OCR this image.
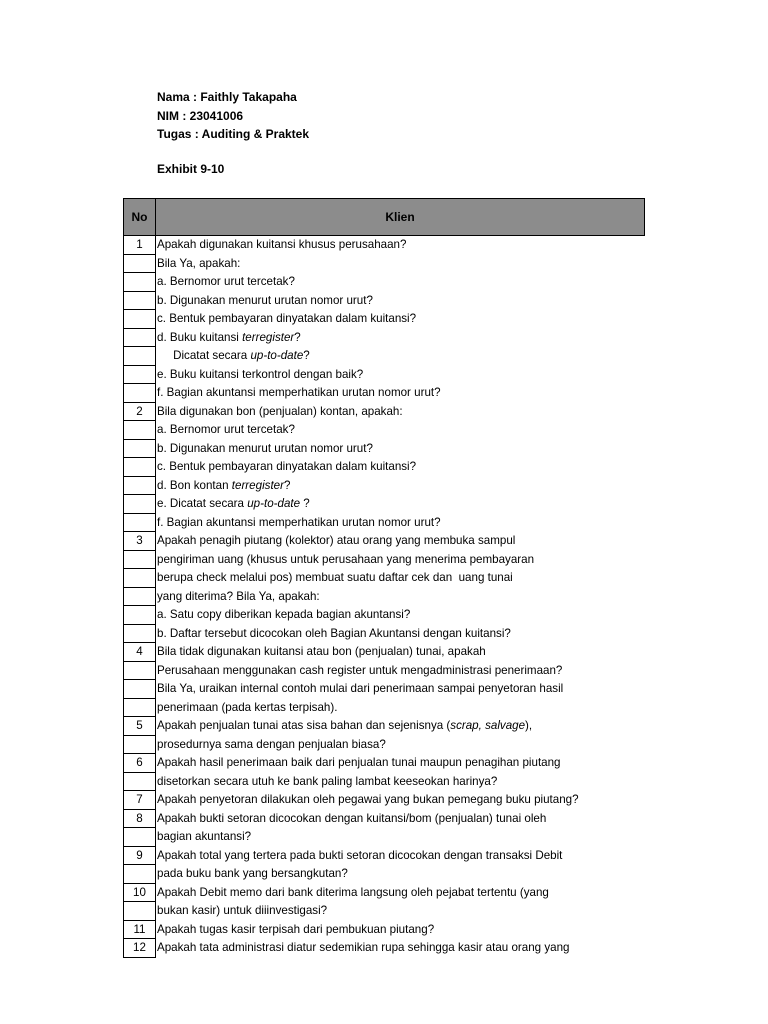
Nama : Faithly Takapaha
NIM : 23041006
Tugas : Auditing & Praktek
Exhibit 9-10
No	Klien
1	Apakah digunakan kuitansi khusus perusahaan?
	Bila Ya, apakah:
	a. Bernomor urut tercetak?
	b. Digunakan menurut urutan nomor urut?
	c. Bentuk pembayaran dinyatakan dalam kuitansi?
	d. Buku kuitansi terregister?
	Dicatat secara up-to-date?
	e. Buku kuitansi terkontrol dengan baik?
	f. Bagian akuntansi memperhatikan urutan nomor urut?
2	Bila digunakan bon (penjualan) kontan, apakah:
	a. Bernomor urut tercetak?
	b. Digunakan menurut urutan nomor urut?
	c. Bentuk pembayaran dinyatakan dalam kuitansi?
	d. Bon kontan terregister?
	e. Dicatat secara up-to-date ?
	f. Bagian akuntansi memperhatikan urutan nomor urut?
3	Apakah penagih piutang (kolektor) atau orang yang membuka sampul
	pengiriman uang (khusus untuk perusahaan yang menerima pembayaran
	berupa check melalui pos) membuat suatu daftar cek dan  uang tunai
	yang diterima? Bila Ya, apakah:
	a. Satu copy diberikan kepada bagian akuntansi?
	b. Daftar tersebut dicocokan oleh Bagian Akuntansi dengan kuitansi?
4	Bila tidak digunakan kuitansi atau bon (penjualan) tunai, apakah
	Perusahaan menggunakan cash register untuk mengadministrasi penerimaan?
	Bila Ya, uraikan internal contoh mulai dari penerimaan sampai penyetoran hasil
	penerimaan (pada kertas terpisah).
5	Apakah penjualan tunai atas sisa bahan dan sejenisnya (scrap, salvage),
	prosedurnya sama dengan penjualan biasa?
6	Apakah hasil penerimaan baik dari penjualan tunai maupun penagihan piutang
	disetorkan secara utuh ke bank paling lambat keeseokan harinya?
7	Apakah penyetoran dilakukan oleh pegawai yang bukan pemegang buku piutang?
8	Apakah bukti setoran dicocokan dengan kuitansi/bom (penjualan) tunai oleh
	bagian akuntansi?
9	Apakah total yang tertera pada bukti setoran dicocokan dengan transaksi Debit
	pada buku bank yang bersangkutan?
10	Apakah Debit memo dari bank diterima langsung oleh pejabat tertentu (yang
	bukan kasir) untuk diiinvestigasi?
11	Apakah tugas kasir terpisah dari pembukuan piutang?
12	Apakah tata administrasi diatur sedemikian rupa sehingga kasir atau orang yang
